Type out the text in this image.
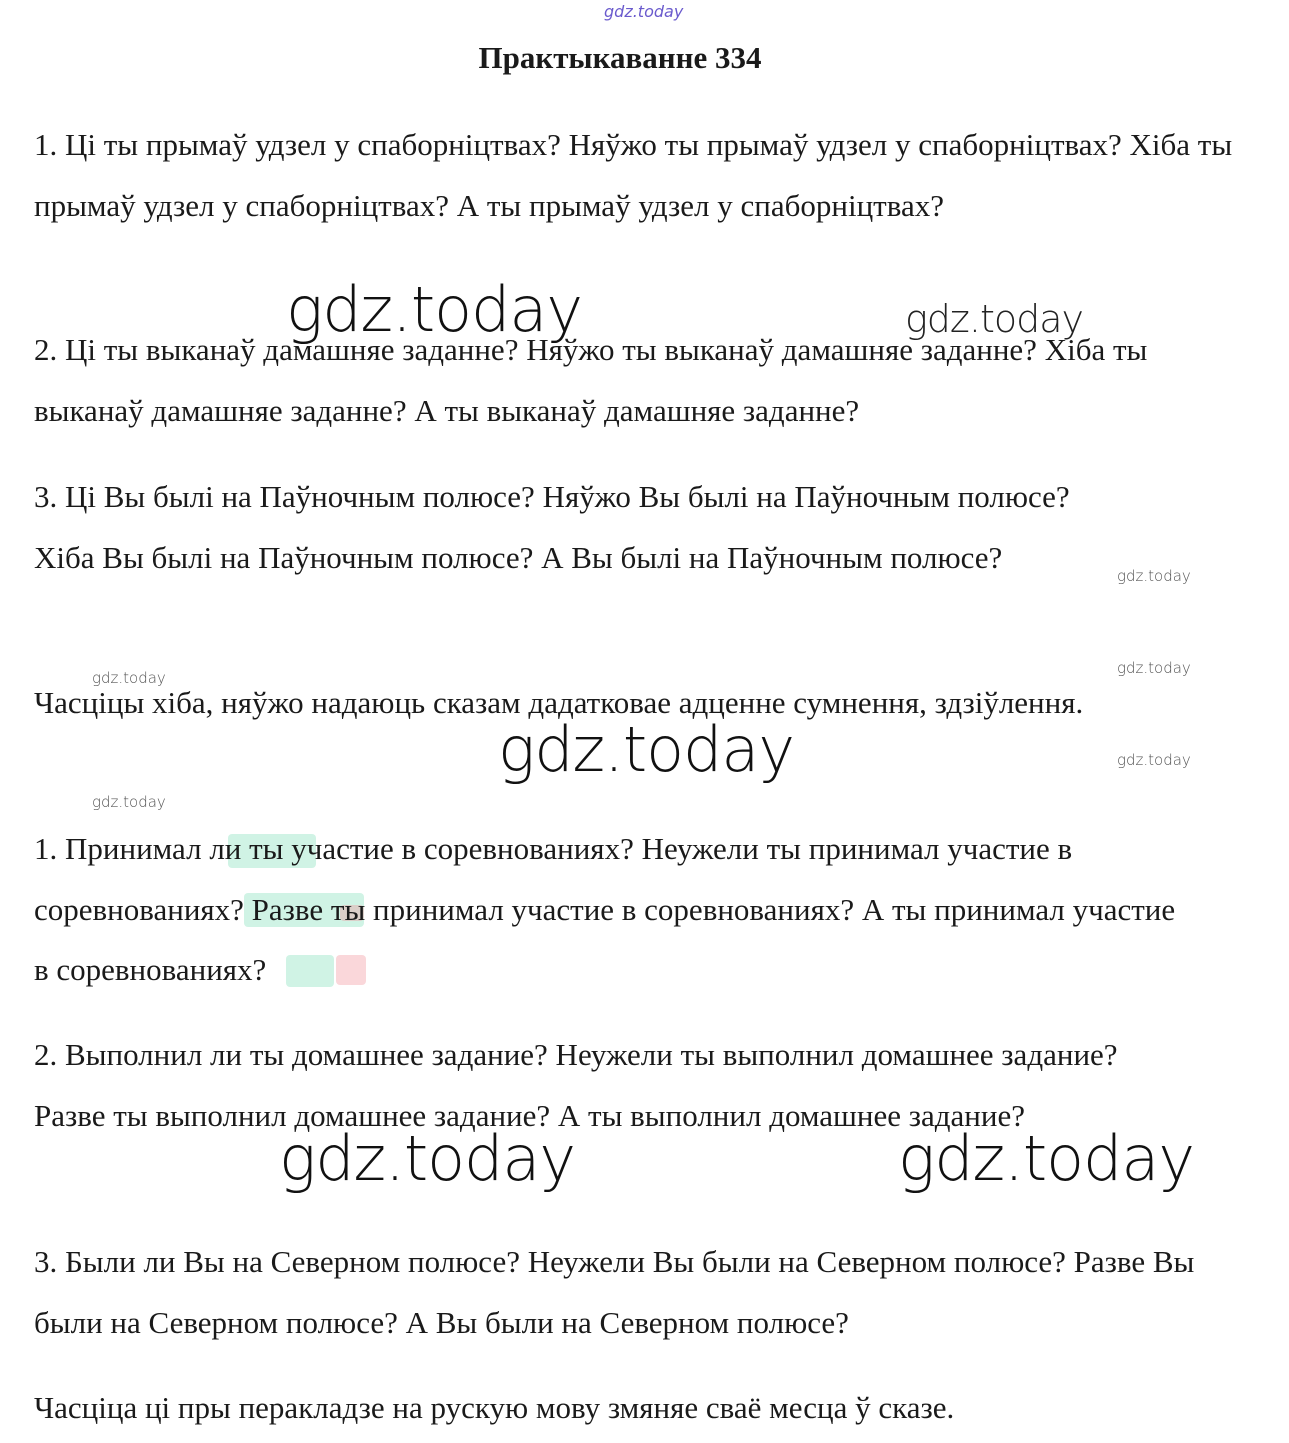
gdz.today
Практыкаванне 334

1. Ці ты прымаў удзел у спаборніцтвах? Няўжо ты прымаў удзел у спаборніцтвах? Хіба ты прымаў удзел у спаборніцтвах? А ты прымаў удзел у спаборніцтвах?

2. Ці ты выканаў дамашняе заданне? Няўжо ты выканаў дамашняе заданне? Хіба ты выканаў дамашняе заданне? А ты выканаў дамашняе заданне?

3. Ці Вы былі на Паўночным полюсе? Няўжо Вы былі на Паўночным полюсе? Хіба Вы былі на Паўночным полюсе? А Вы былі на Паўночным полюсе?

Часціцы хіба, няўжо надаюць сказам дадатковае адценне сумнення, здзіўлення.

1. Принимал ли ты участие в соревнованиях? Неужели ты принимал участие в соревнованиях? Разве ты принимал участие в соревнованиях? А ты принимал участие в соревнованиях?

2. Выполнил ли ты домашнее задание? Неужели ты выполнил домашнее задание? Разве ты выполнил домашнее задание? А ты выполнил домашнее задание?

3. Были ли Вы на Северном полюсе? Неужели Вы были на Северном полюсе? Разве Вы были на Северном полюсе? А Вы были на Северном полюсе?

Часціца ці пры перакладзе на рускую мову змяняе сваё месца ў сказе.

gdz.today	gdz.today
gdz.today
gdz.today
gdz.today
gdz.today	gdz.today
gdz.today
gdz.today	gdz.today
